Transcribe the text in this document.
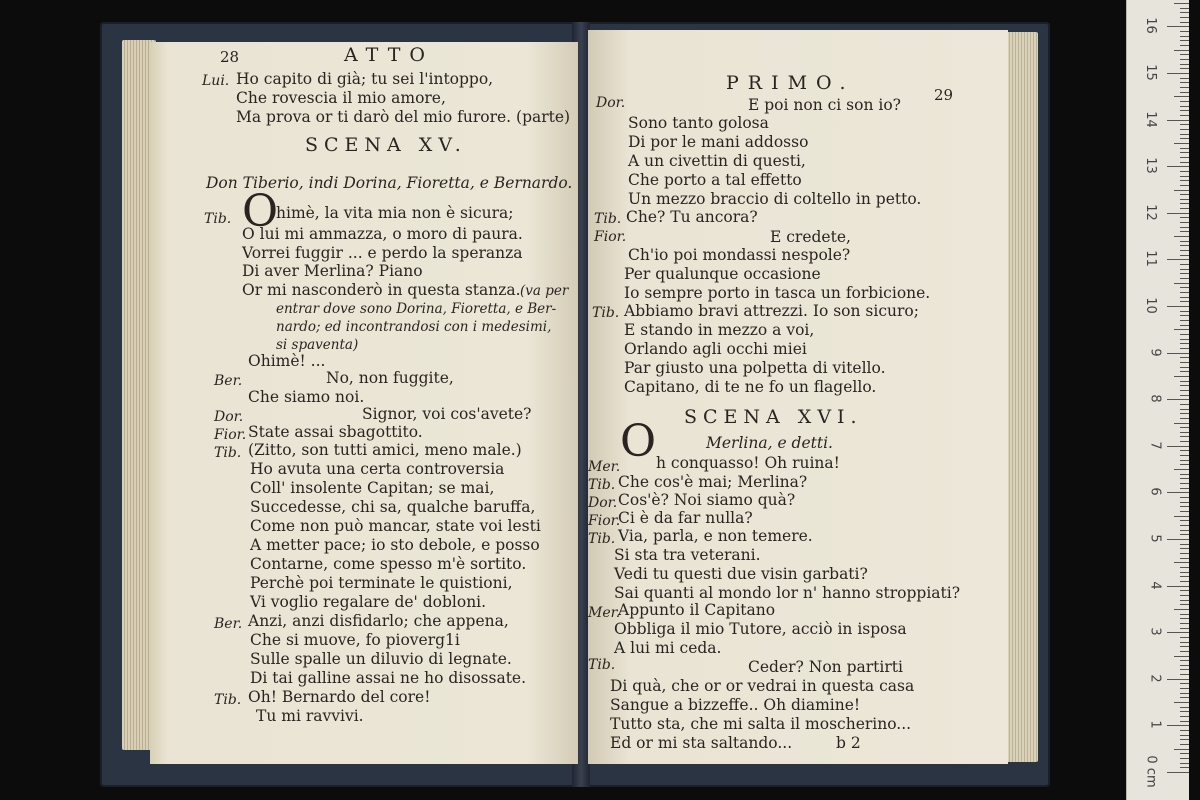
28	ATTO
Lui. Ho capito di già; tu sei l'intoppo,
Che rovescia il mio amore,
Ma prova or ti darò del mio furore. (parte)
SCENA XV.
Don Tiberio, indi Dorina, Fioretta, e Bernardo.
Tib. O
himè, la vita mia non è sicura;
O lui mi ammazza, o moro di paura.
Vorrei fuggir ... e perdo la speranza
Di aver Merlina? Piano
Or mi nasconderò in questa stanza. (va per
entrar dove sono Dorina, Fioretta, e Ber-
nardo; ed incontrandosi con i medesimi,
si spaventa)
Ohimè! ...
Ber.	No, non fuggite,
Che siamo noi.
Dor.	Signor, voi cos'avete?
Fior. State assai sbagottito.
Tib. (Zitto, son tutti amici, meno male.)
Ho avuta una certa controversia
Coll' insolente Capitan; se mai,
Succedesse, chi sa, qualche baruffa,
Come non può mancar, state voi lesti
A metter pace; io sto debole, e posso
Contarne, come spesso m'è sortito.
Perchè poi terminate le quistioni,
Vi voglio regalare de' dobloni.
Ber. Anzi, anzi disfidarlo; che appena,
Che si muove, fo pioverg1i
Sulle spalle un diluvio di legnate.
Di tai galline assai ne ho disossate.
Tib. Oh! Bernardo del core!
Tu mi ravvivi.
PRIMO.
29
Dor.	E poi non ci son io?
Sono tanto golosa
Di por le mani addosso
A un civettin di questi,
Che porto a tal effetto
Un mezzo braccio di coltello in petto.
Tib. Che? Tu ancora?
Fior.	E credete,
Ch'io poi mondassi nespole?
Per qualunque occasione
Io sempre porto in tasca un forbicione.
Tib. Abbiamo bravi attrezzi. Io son sicuro;
E stando in mezzo a voi,
Orlando agli occhi miei
Par giusto una polpetta di vitello.
Capitano, di te ne fo un flagello.
SCENA XVI.
Merlina, e detti.
Mer. O h conquasso! Oh ruina!
Tib. Che cos'è mai; Merlina?
Dor. Cos'è? Noi siamo quà?
Fior.
Ci è da far nulla?
Tib. Via, parla, e non temere.
Si sta tra veterani.
Vedi tu questi due visin garbati?
Sai quanti al mondo lor n' hanno stroppiati?
Mer.
Appunto il Capitano
Obbliga il mio Tutore, acciò in isposa
A lui mi ceda.
Tib.	Ceder? Non partirti
Di quà, che or or vedrai in questa casa
Sangue a bizzeffe.. Oh diamine!
Tutto sta, che mi salta il moscherino...
Ed or mi sta saltando...	b 2
0 cm
1
2
3
4
5
6
7
8
9
10
11
12
13
14
15
16
